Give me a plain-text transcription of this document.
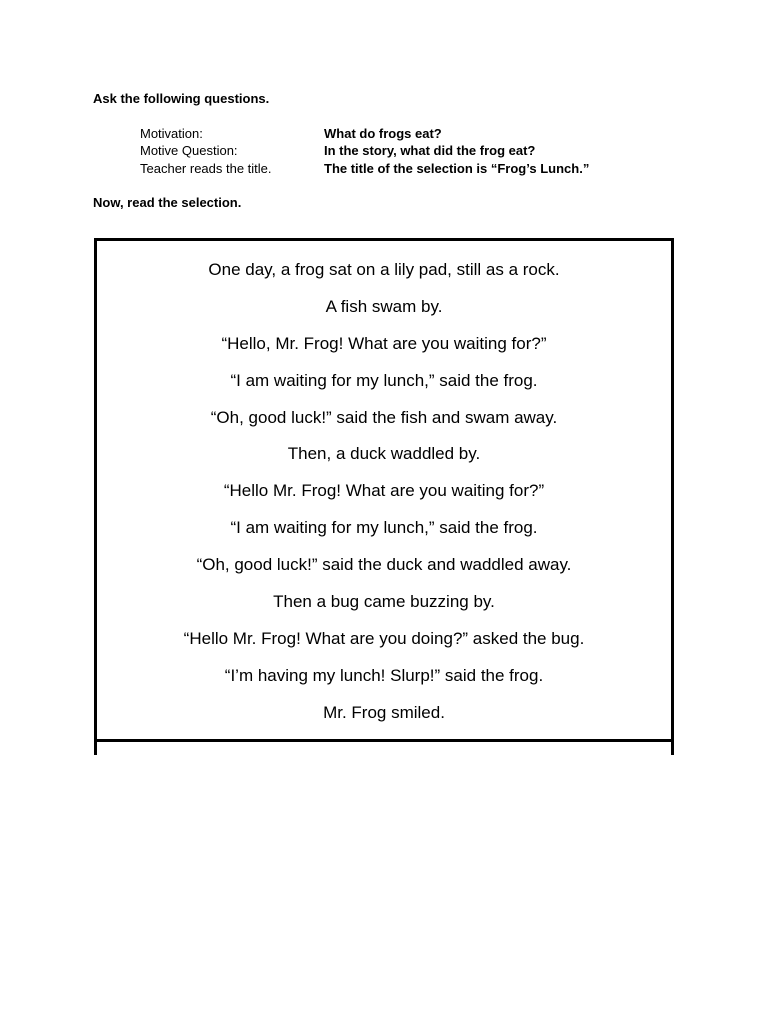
Ask the following questions.
Motivation:	What do frogs eat?
Motive Question:	In the story, what did the frog eat?
Teacher reads the title.	The title of the selection is “Frog’s Lunch.”
Now, read the selection.
One day, a frog sat on a lily pad, still as a rock.
A fish swam by.
“Hello, Mr. Frog! What are you waiting for?”
“I am waiting for my lunch,” said the frog.
“Oh, good luck!” said the fish and swam away.
Then, a duck waddled by.
“Hello Mr. Frog! What are you waiting for?”
“I am waiting for my lunch,” said the frog.
“Oh, good luck!” said the duck and waddled away.
Then a bug came buzzing by.
“Hello Mr. Frog! What are you doing?” asked the bug.
“I’m having my lunch! Slurp!” said the frog.
Mr. Frog smiled.
